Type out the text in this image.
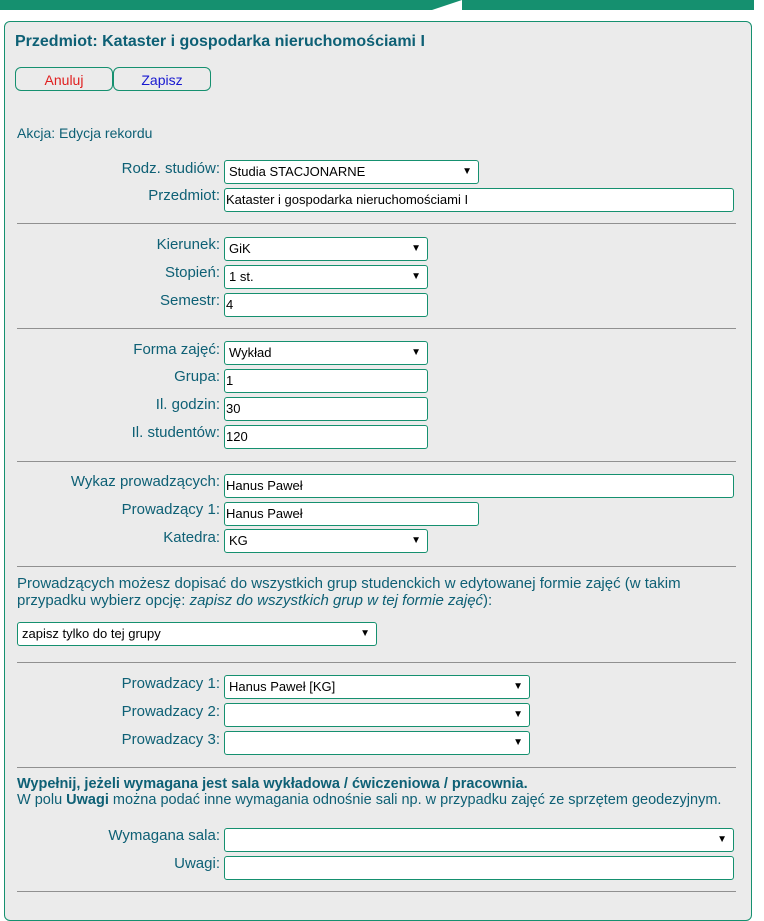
Przedmiot: Kataster i gospodarka nieruchomościami I
Anuluj	Zapisz
Akcja: Edycja rekordu
Rodz. studiów: Studia STACJONARNE	▼
Przedmiot: Kataster i gospodarka nieruchomościami I
Kierunek: GiK	▼
Stopień: 1 st.	▼
Semestr: 4
Forma zajęć: Wykład	▼
Grupa: 1
Il. godzin: 30
Il. studentów: 120
Wykaz prowadzących: Hanus Paweł
Prowadzący 1: Hanus Paweł
Katedra: KG	▼
Prowadzących możesz dopisać do wszystkich grup studenckich w edytowanej formie zajęć (w takim przypadku wybierz opcję: zapisz do wszystkich grup w tej formie zajęć):
zapisz tylko do tej grupy	▼
Prowadzacy 1: Hanus Paweł [KG]	▼
Prowadzacy 2:	▼
Prowadzacy 3:	▼
Wypełnij, jeżeli wymagana jest sala wykładowa / ćwiczeniowa / pracownia.
W polu Uwagi można podać inne wymagania odnośnie sali np. w przypadku zajęć ze sprzętem geodezyjnym.
Wymagana sala:	▼
Uwagi:
